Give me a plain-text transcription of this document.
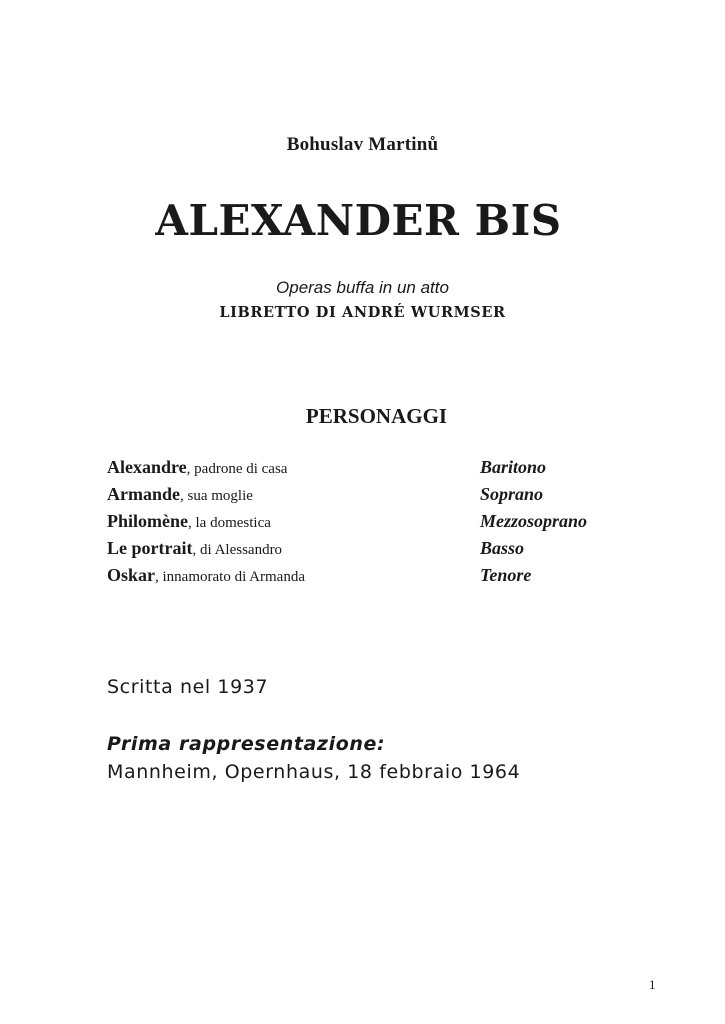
Bohuslav Martinů
ALEXANDER BIS
Operas buffa in un atto
LIBRETTO DI ANDRÉ WURMSER
PERSONAGGI
Alexandre, padrone di casa	Baritono
Armande, sua moglie	Soprano
Philomène, la domestica	Mezzosoprano
Le portrait, di Alessandro	Basso
Oskar, innamorato di Armanda	Tenore
Scritta nel 1937
Prima rappresentazione:
Mannheim, Opernhaus, 18 febbraio 1964
1
